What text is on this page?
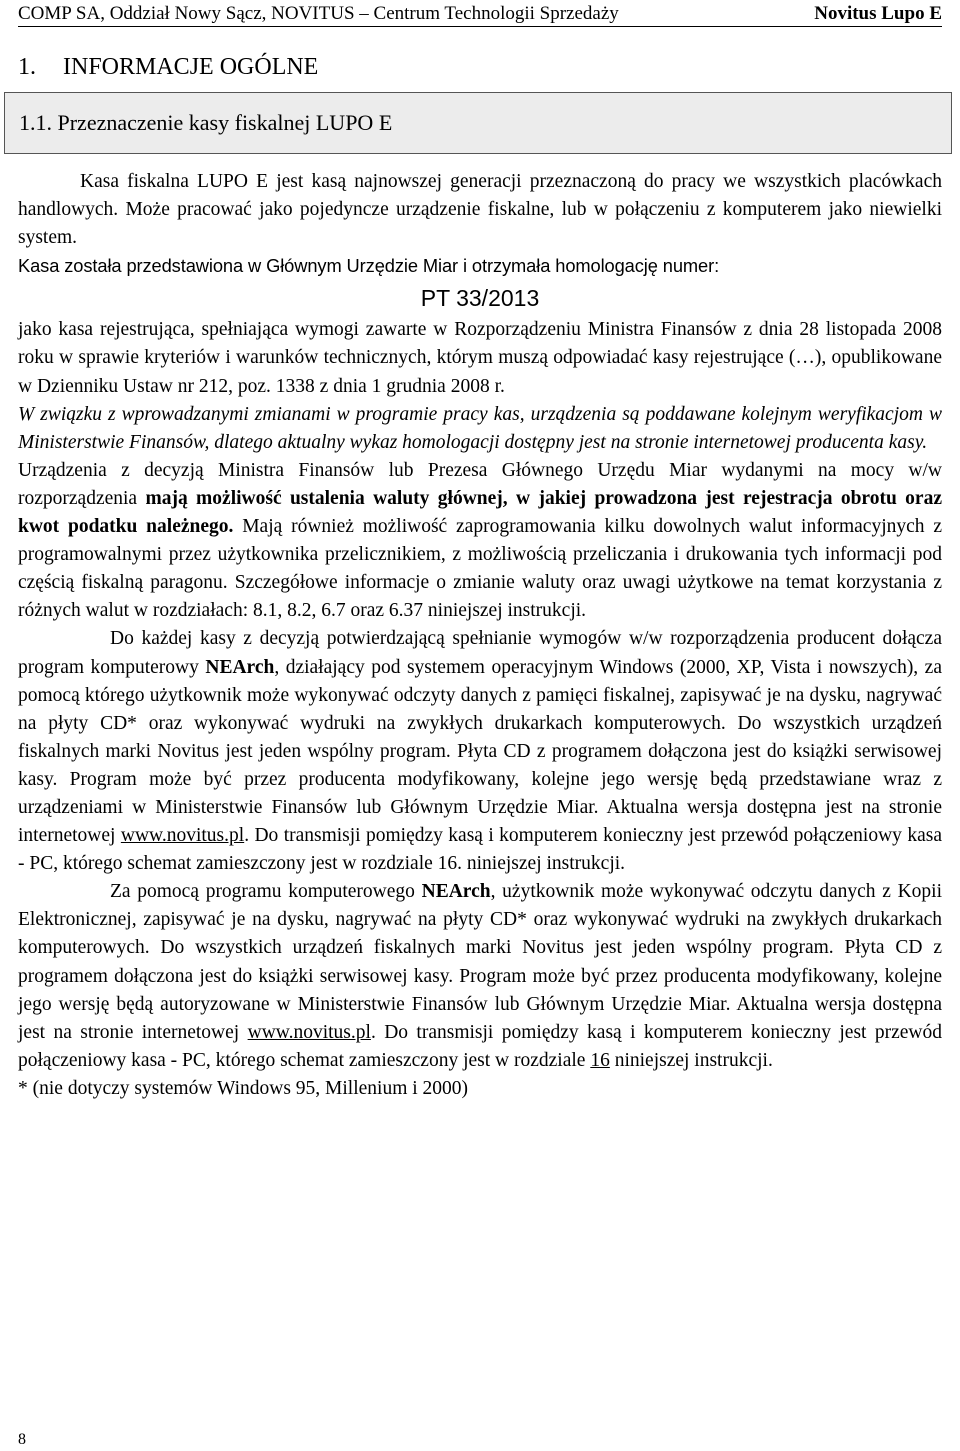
COMP SA, Oddział Nowy Sącz, NOVITUS – Centrum Technologii Sprzedaży	Novitus Lupo E
1. INFORMACJE OGÓLNE
1.1. Przeznaczenie kasy fiskalnej LUPO E

Kasa fiskalna LUPO E jest kasą najnowszej generacji przeznaczoną do pracy we wszystkich placówkach handlowych. Może pracować jako pojedyncze urządzenie fiskalne, lub w połączeniu z komputerem jako niewielki system.

Kasa została przedstawiona w Głównym Urzędzie Miar i otrzymała homologację numer:

PT 33/2013

jako kasa rejestrująca, spełniająca wymogi zawarte w Rozporządzeniu Ministra Finansów z dnia 28 listopada 2008 roku w sprawie kryteriów i warunków technicznych, którym muszą odpowiadać kasy rejestrujące (…), opublikowane w Dzienniku Ustaw nr 212, poz. 1338 z dnia 1 grudnia 2008 r.

W związku z wprowadzanymi zmianami w programie pracy kas, urządzenia są poddawane kolejnym weryfikacjom w Ministerstwie Finansów, dlatego aktualny wykaz homologacji dostępny jest na stronie internetowej producenta kasy.

Urządzenia z decyzją Ministra Finansów lub Prezesa Głównego Urzędu Miar wydanymi na mocy w/w rozporządzenia mają możliwość ustalenia waluty głównej, w jakiej prowadzona jest rejestracja obrotu oraz kwot podatku należnego. Mają również możliwość zaprogramowania kilku dowolnych walut informacyjnych z programowalnymi przez użytkownika przelicznikiem, z możliwością przeliczania i drukowania tych informacji pod częścią fiskalną paragonu. Szczegółowe informacje o zmianie waluty oraz uwagi użytkowe na temat korzystania z różnych walut w rozdziałach: 8.1, 8.2, 6.7 oraz 6.37 niniejszej instrukcji.

Do każdej kasy z decyzją potwierdzającą spełnianie wymogów w/w rozporządzenia producent dołącza program komputerowy NEArch, działający pod systemem operacyjnym Windows (2000, XP, Vista i nowszych), za pomocą którego użytkownik może wykonywać odczyty danych z pamięci fiskalnej, zapisywać je na dysku, nagrywać na płyty CD* oraz wykonywać wydruki na zwykłych drukarkach komputerowych. Do wszystkich urządzeń fiskalnych marki Novitus jest jeden wspólny program. Płyta CD z programem dołączona jest do książki serwisowej kasy. Program może być przez producenta modyfikowany, kolejne jego wersję będą przedstawiane wraz z urządzeniami w Ministerstwie Finansów lub Głównym Urzędzie Miar. Aktualna wersja dostępna jest na stronie internetowej www.novitus.pl. Do transmisji pomiędzy kasą i komputerem konieczny jest przewód połączeniowy kasa - PC, którego schemat zamieszczony jest w rozdziale 16. niniejszej instrukcji.

Za pomocą programu komputerowego NEArch, użytkownik może wykonywać odczytu danych z Kopii Elektronicznej, zapisywać je na dysku, nagrywać na płyty CD* oraz wykonywać wydruki na zwykłych drukarkach komputerowych. Do wszystkich urządzeń fiskalnych marki Novitus jest jeden wspólny program. Płyta CD z programem dołączona jest do książki serwisowej kasy. Program może być przez producenta modyfikowany, kolejne jego wersję będą autoryzowane w Ministerstwie Finansów lub Głównym Urzędzie Miar. Aktualna wersja dostępna jest na stronie internetowej www.novitus.pl. Do transmisji pomiędzy kasą i komputerem konieczny jest przewód połączeniowy kasa - PC, którego schemat zamieszczony jest w rozdziale 16 niniejszej instrukcji.

* (nie dotyczy systemów Windows 95, Millenium i 2000)

8
